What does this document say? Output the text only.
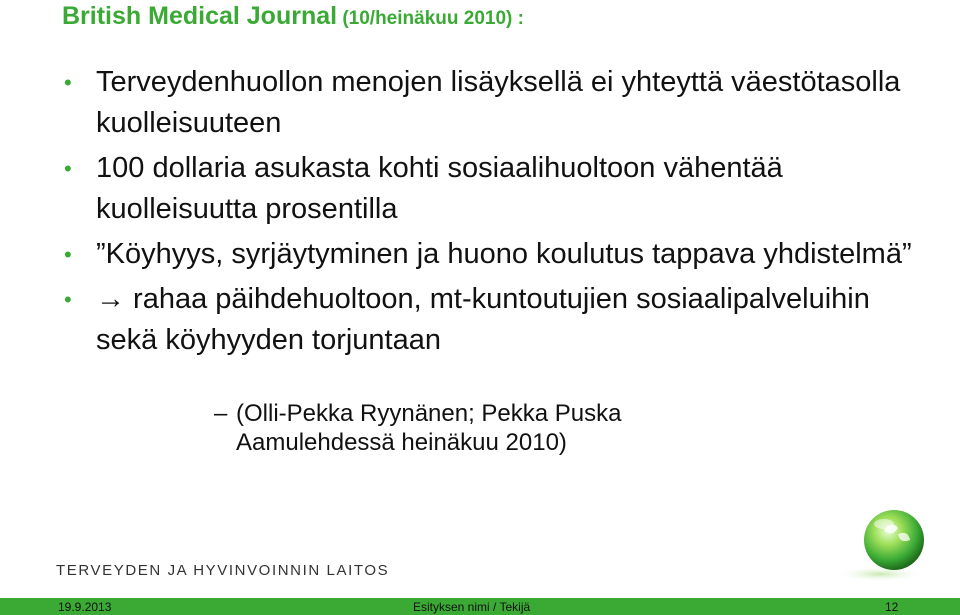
British Medical Journal (10/heinäkuu 2010) :
• Terveydenhuollon menojen lisäyksellä ei yhteyttä väestötasolla kuolleisuuteen
• 100 dollaria asukasta kohti sosiaalihuoltoon vähentää kuolleisuutta prosentilla
• ”Köyhyys, syrjäytyminen ja huono koulutus tappava yhdistelmä”
• → rahaa päihdehuoltoon, mt-kuntoutujien sosiaalipalveluihin sekä köyhyyden torjuntaan
– (Olli-Pekka Ryynänen; Pekka Puska
Aamulehdessä heinäkuu 2010)
TERVEYDEN JA HYVINVOINNIN LAITOS
19.9.2013	Esityksen nimi / Tekijä	12
